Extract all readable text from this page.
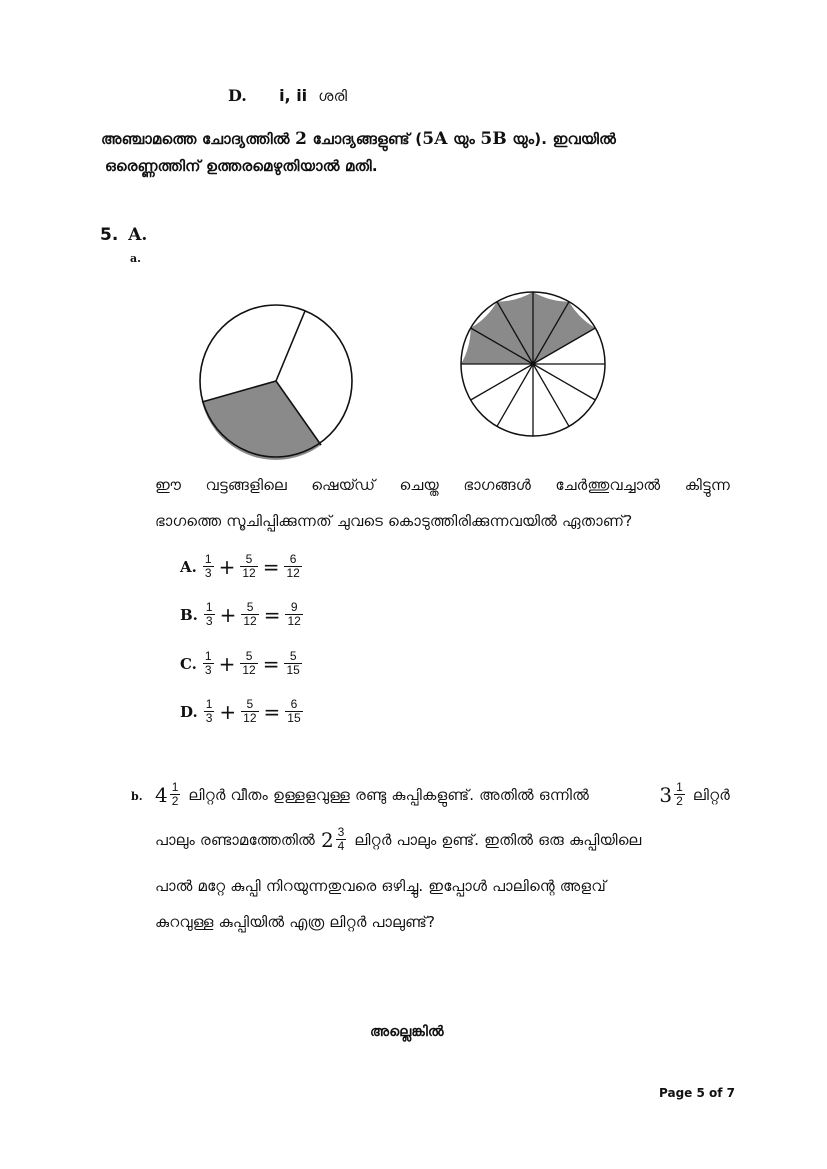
D. i, ii ശരി
അഞ്ചാമത്തെ ചോദ്യത്തിൽ 2 ചോദ്യങ്ങളുണ്ട് (5A യും 5B യും). ഇവയിൽ
ഒരെണ്ണത്തിന് ഉത്തരമെഴുതിയാൽ മതി.
5. A.
a.
ഈ വട്ടങ്ങളിലെ ഷെയ്ഡ് ചെയ്ത ഭാഗങ്ങൾ ചേർത്തുവച്ചാൽ കിട്ടുന്ന
ഭാഗത്തെ സൂചിപ്പിക്കുന്നത് ചുവടെ കൊടുത്തിരിക്കുന്നവയിൽ ഏതാണ്?
A. $\frac{1}{3} + \frac{5}{12} = \frac{6}{12}$
B. $\frac{1}{3} + \frac{5}{12} = \frac{9}{12}$
C. $\frac{1}{3} + \frac{5}{12} = \frac{5}{15}$
D. $\frac{1}{3} + \frac{5}{12} = \frac{6}{15}$
b. $4 \frac{1}{2}$ ലിറ്റർ വീതം ഉള്ളളവുള്ള രണ്ടു കുപ്പികളുണ്ട്. അതിൽ ഒന്നിൽ	$3 \frac{1}{2}$ ലിറ്റർ
പാലും രണ്ടാമത്തേതിൽ $2 \frac{3}{4}$ ലിറ്റർ പാലും ഉണ്ട്. ഇതിൽ ഒരു കുപ്പിയിലെ
പാൽ മറ്റേ കുപ്പി നിറയുന്നതുവരെ ഒഴിച്ചു. ഇപ്പോൾ പാലിന്റെ അളവ്
കുറവുള്ള കുപ്പിയിൽ എത്ര ലിറ്റർ പാലുണ്ട്?
അല്ലെങ്കിൽ
Page 5 of 7
